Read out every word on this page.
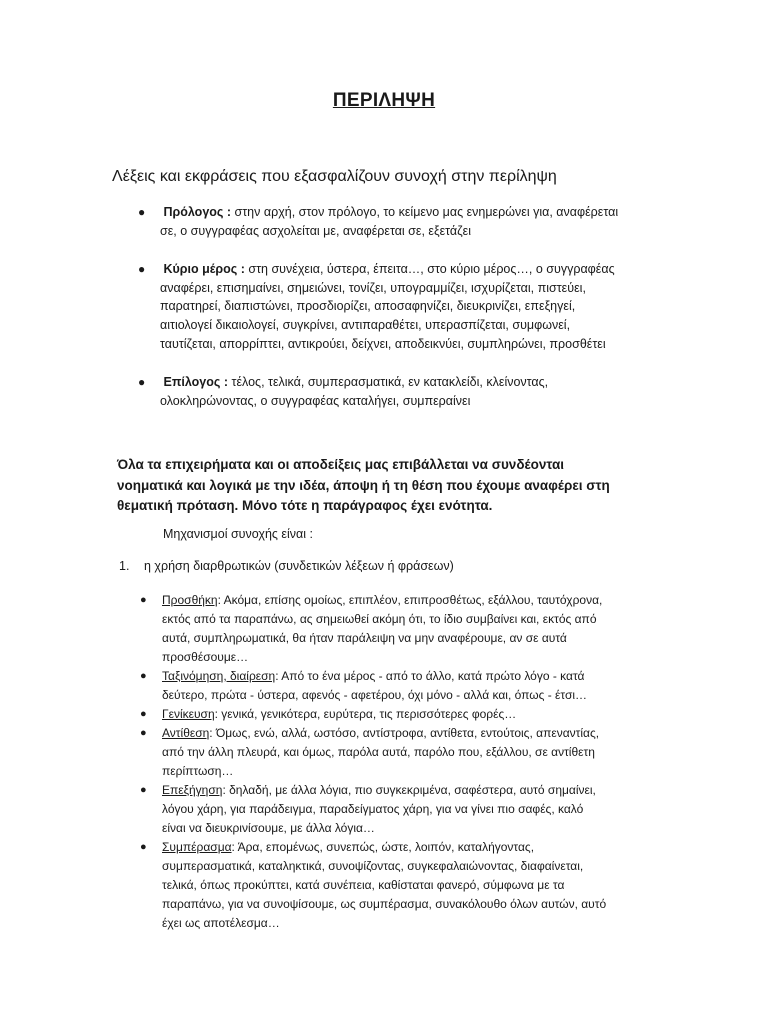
ΠΕΡΙΛΗΨΗ
Λέξεις και εκφράσεις που εξασφαλίζουν συνοχή στην περίληψη
● Πρόλογος : στην αρχή, στον πρόλογο, το κείμενο μας ενημερώνει για, αναφέρεται
σε, ο συγγραφέας ασχολείται με, αναφέρεται σε, εξετάζει
● Κύριο μέρος : στη συνέχεια, ύστερα, έπειτα…, στο κύριο μέρος…, ο συγγραφέας
αναφέρει, επισημαίνει, σημειώνει, τονίζει, υπογραμμίζει, ισχυρίζεται, πιστεύει,
παρατηρεί, διαπιστώνει, προσδιορίζει, αποσαφηνίζει, διευκρινίζει, επεξηγεί,
αιτιολογεί δικαιολογεί, συγκρίνει, αντιπαραθέτει, υπερασπίζεται, συμφωνεί,
ταυτίζεται, απορρίπτει, αντικρούει, δείχνει, αποδεικνύει, συμπληρώνει, προσθέτει
● Επίλογος : τέλος, τελικά, συμπερασματικά, εν κατακλείδι, κλείνοντας,
ολοκληρώνοντας, ο συγγραφέας καταλήγει, συμπεραίνει
Όλα τα επιχειρήματα και οι αποδείξεις μας επιβάλλεται να συνδέονται
νοηματικά και λογικά με την ιδέα, άποψη ή τη θέση που έχουμε αναφέρει στη
θεματική πρόταση. Μόνο τότε η παράγραφος έχει ενότητα.
Μηχανισμοί συνοχής είναι :
1. η χρήση διαρθρωτικών (συνδετικών λέξεων ή φράσεων)
● Προσθήκη: Ακόμα, επίσης ομοίως, επιπλέον, επιπροσθέτως, εξάλλου, ταυτόχρονα,
εκτός από τα παραπάνω, ας σημειωθεί ακόμη ότι, το ίδιο συμβαίνει και, εκτός από
αυτά, συμπληρωματικά, θα ήταν παράλειψη να μην αναφέρουμε, αν σε αυτά
προσθέσουμε…
● Ταξινόμηση, διαίρεση: Από το ένα μέρος - από το άλλο, κατά πρώτο λόγο - κατά
δεύτερο, πρώτα - ύστερα, αφενός - αφετέρου, όχι μόνο - αλλά και, όπως - έτσι…
● Γενίκευση: γενικά, γενικότερα, ευρύτερα, τις περισσότερες φορές…
● Αντίθεση: Όμως, ενώ, αλλά, ωστόσο, αντίστροφα, αντίθετα, εντούτοις, απεναντίας,
από την άλλη πλευρά, και όμως, παρόλα αυτά, παρόλο που, εξάλλου, σε αντίθετη
περίπτωση…
● Επεξήγηση: δηλαδή, με άλλα λόγια, πιο συγκεκριμένα, σαφέστερα, αυτό σημαίνει,
λόγου χάρη, για παράδειγμα, παραδείγματος χάρη, για να γίνει πιο σαφές, καλό
είναι να διευκρινίσουμε, με άλλα λόγια…
● Συμπέρασμα: Άρα, επομένως, συνεπώς, ώστε, λοιπόν, καταλήγοντας,
συμπερασματικά, καταληκτικά, συνοψίζοντας, συγκεφαλαιώνοντας, διαφαίνεται,
τελικά, όπως προκύπτει, κατά συνέπεια, καθίσταται φανερό, σύμφωνα με τα
παραπάνω, για να συνοψίσουμε, ως συμπέρασμα, συνακόλουθο όλων αυτών, αυτό
έχει ως αποτέλεσμα…
